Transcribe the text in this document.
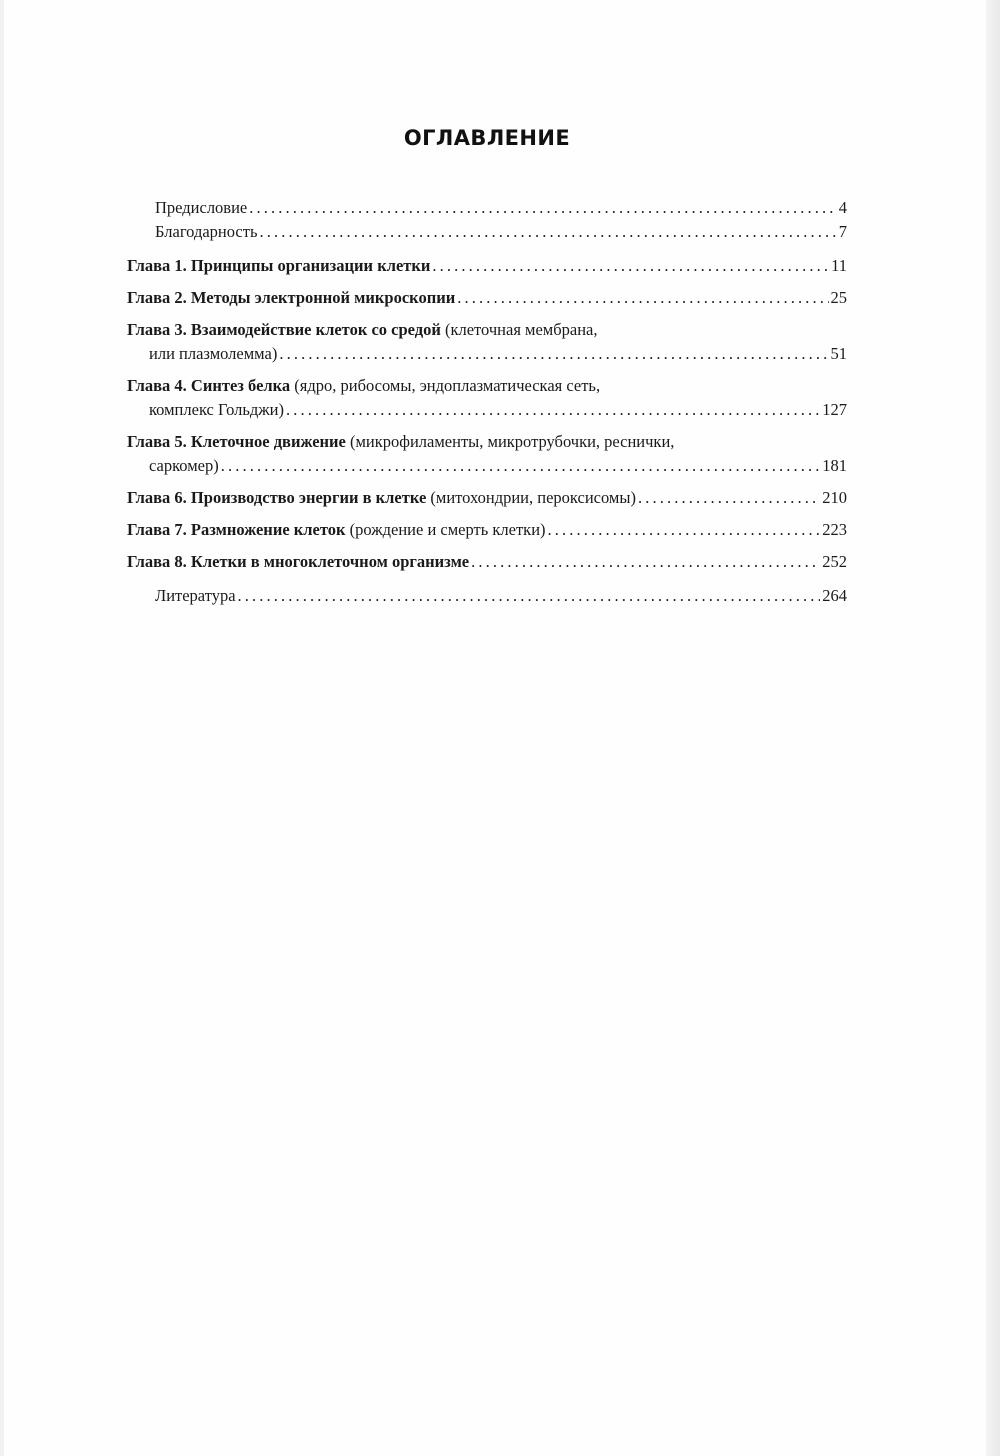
ОГЛАВЛЕНИЕ
Предисловие . . .	4
Благодарность . . .	7
Глава 1. Принципы организации клетки . . .	11
Глава 2. Методы электронной микроскопии . . .	25
Глава 3. Взаимодействие клеток со средой (клеточная мембрана,
или плазмолемма) . . .	51
Глава 4. Синтез белка (ядро, рибосомы, эндоплазматическая сеть,
комплекс Гольджи) . . .	127
Глава 5. Клеточное движение (микрофиламенты, микротрубочки, реснички,
саркомер) . . .	181
Глава 6. Производство энергии в клетке (митохондрии, пероксисомы) . . .	210
Глава 7. Размножение клеток (рождение и смерть клетки) . . .	223
Глава 8. Клетки в многоклеточном организме . . .	252
Литература . . .	264
